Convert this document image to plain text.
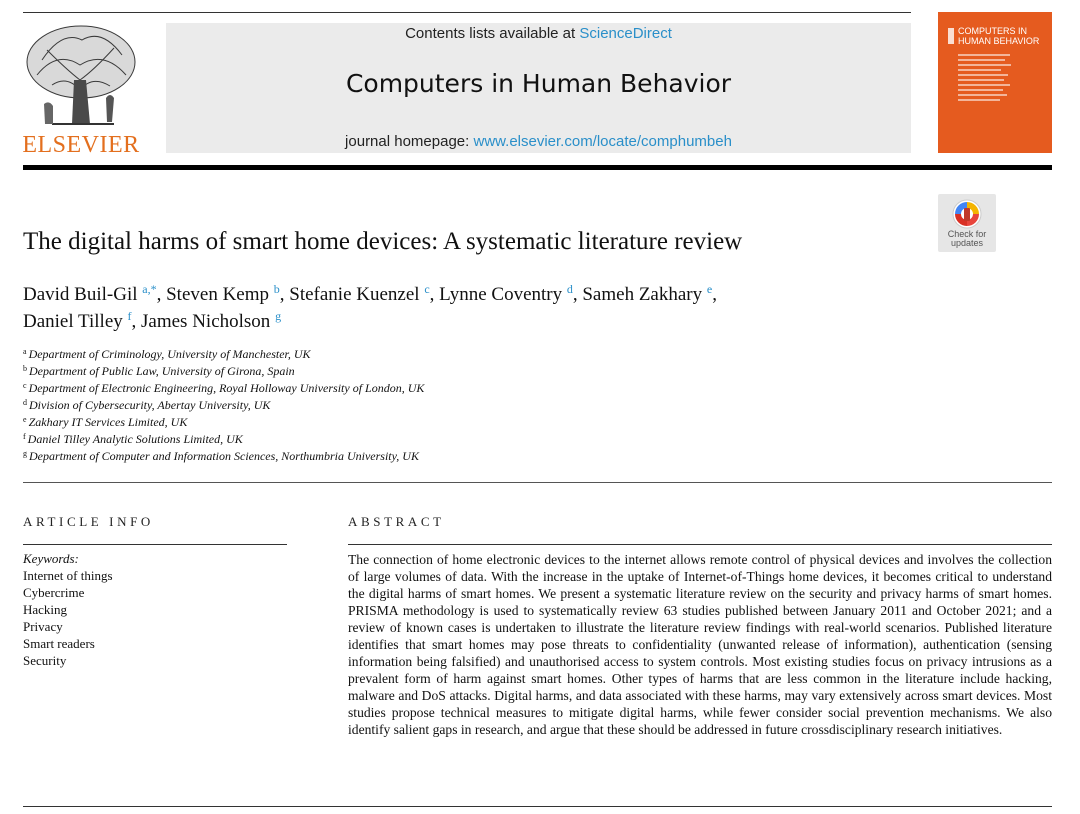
ELSEVIER
Contents lists available at ScienceDirect
Computers in Human Behavior
journal homepage: www.elsevier.com/locate/comphumbeh
COMPUTERS IN HUMAN BEHAVIOR
Check for
updates
The digital harms of smart home devices: A systematic literature review
David Buil-Gil $^{a,*}$, Steven Kemp $^b$, Stefanie Kuenzel $^c$, Lynne Coventry $^d$, Sameh Zakhary $^e$,
Daniel Tilley $^f$, James Nicholson $^g$
$^a$ Department of Criminology, University of Manchester, UK
$^b$ Department of Public Law, University of Girona, Spain
$^c$ Department of Electronic Engineering, Royal Holloway University of London, UK
$^d$ Division of Cybersecurity, Abertay University, UK
$^e$ Zakhary IT Services Limited, UK
$^f$ Daniel Tilley Analytic Solutions Limited, UK
$^g$ Department of Computer and Information Sciences, Northumbria University, UK
ARTICLE INFO	ABSTRACT
Keywords:
Internet of things
Cybercrime
Hacking
Privacy
Smart readers
Security
The connection of home electronic devices to the internet allows remote control of physical devices and involves the collection of large volumes of data. With the increase in the uptake of Internet-of-Things home devices, it becomes critical to understand the digital harms of smart homes. We present a systematic literature review on the security and privacy harms of smart homes. PRISMA methodology is used to systematically review 63 studies published between January 2011 and October 2021; and a review of known cases is undertaken to illustrate the literature review findings with real-world scenarios. Published literature identifies that smart homes may pose threats to confidentiality (unwanted release of information), authentication (sensing information being falsified) and unauthorised access to system controls. Most existing studies focus on privacy intrusions as a prevalent form of harm against smart homes. Other types of harms that are less common in the literature include hacking, malware and DoS attacks. Digital harms, and data associated with these harms, may vary extensively across smart devices. Most studies propose technical measures to mitigate digital harms, while fewer consider social prevention mechanisms. We also identify salient gaps in research, and argue that these should be addressed in future crossdisciplinary research initiatives.
